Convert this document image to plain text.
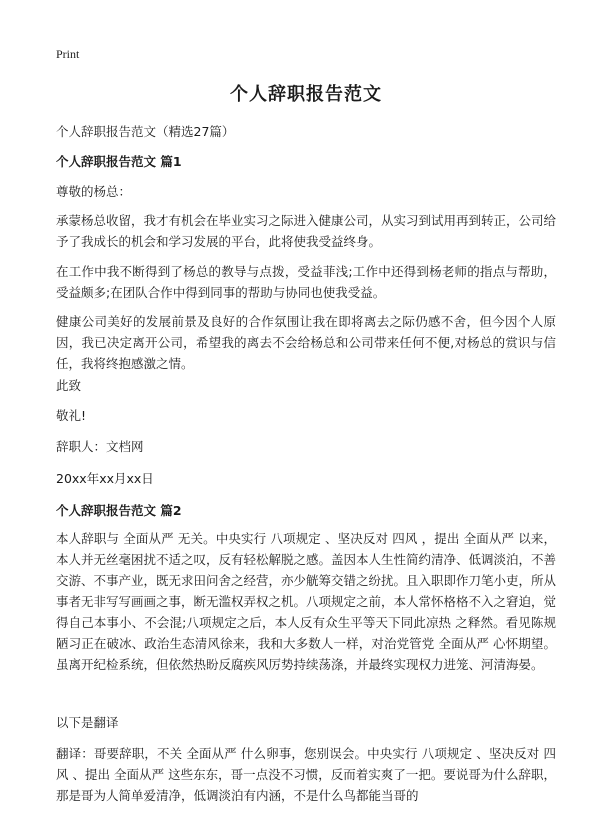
Print
个人辞职报告范文
个人辞职报告范文（精选27篇）
个人辞职报告范文 篇1
尊敬的杨总：
承蒙杨总收留，我才有机会在毕业实习之际进入健康公司，从实习到试用再到转正，公司给予了我成长的机会和学习发展的平台，此将使我受益终身。
在工作中我不断得到了杨总的教导与点拨，受益菲浅;工作中还得到杨老师的指点与帮助，受益颇多;在团队合作中得到同事的帮助与协同也使我受益。
健康公司美好的发展前景及良好的合作氛围让我在即将离去之际仍感不舍，但今因个人原因，我已决定离开公司，希望我的离去不会给杨总和公司带来任何不便,对杨总的赏识与信任，我将终抱感激之情。
此致
敬礼!
辞职人：文档网
20xx年xx月xx日
个人辞职报告范文 篇2
本人辞职与 全面从严 无关。中央实行 八项规定 、坚决反对 四风 ，提出 全面从严 以来，本人并无丝毫困扰不适之叹，反有轻松解脱之感。盖因本人生性简约清净、低调淡泊，不善交游、不事产业，既无求田问舍之经营，亦少觥筹交错之纷扰。且入职即作刀笔小吏，所从事者无非写写画画之事，断无滥权弄权之机。八项规定之前，本人常怀格格不入之窘迫，觉得自己本事小、不会混;八项规定之后，本人反有众生平等天下同此凉热 之释然。看见陈规陋习正在破冰、政治生态清风徐来，我和大多数人一样，对治党管党 全面从严 心怀期望。虽离开纪检系统，但依然热盼反腐疾风厉势持续荡涤，并最终实现权力进笼、河清海晏。
以下是翻译
翻译：哥要辞职，不关 全面从严 什么卵事，您别误会。中央实行 八项规定 、坚决反对 四风 、提出 全面从严 这些东东，哥一点没不习惯，反而着实爽了一把。要说哥为什么辞职，那是哥为人简单爱清净，低调淡泊有内涵，不是什么鸟都能当哥的
